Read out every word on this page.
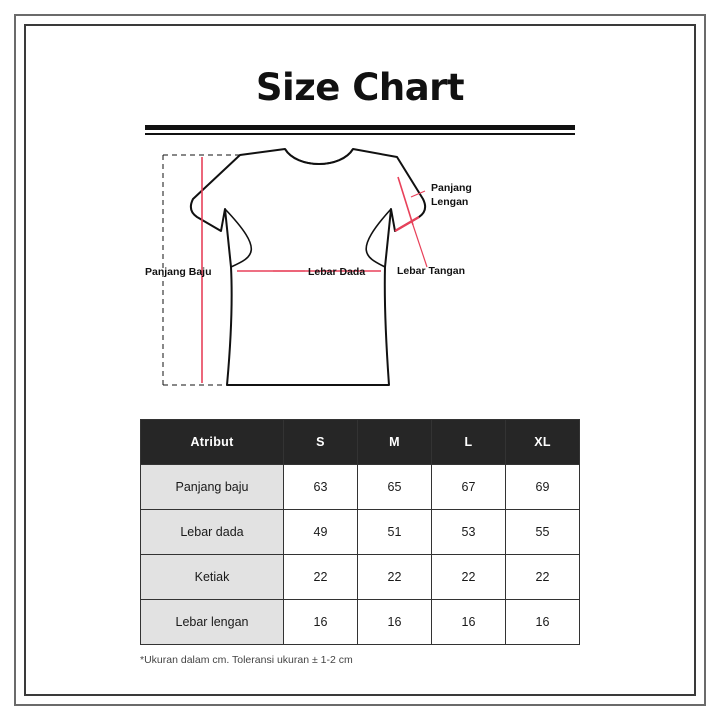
Size Chart
Panjang Baju	Lebar Dada
Panjang
Lengan
Lebar Tangan
Atribut	S	M	L	XL
Panjang baju	63	65	67	69
Lebar dada	49	51	53	55
Ketiak	22	22	22	22
Lebar lengan	16	16	16	16
*Ukuran dalam cm. Toleransi ukuran ± 1-2 cm
